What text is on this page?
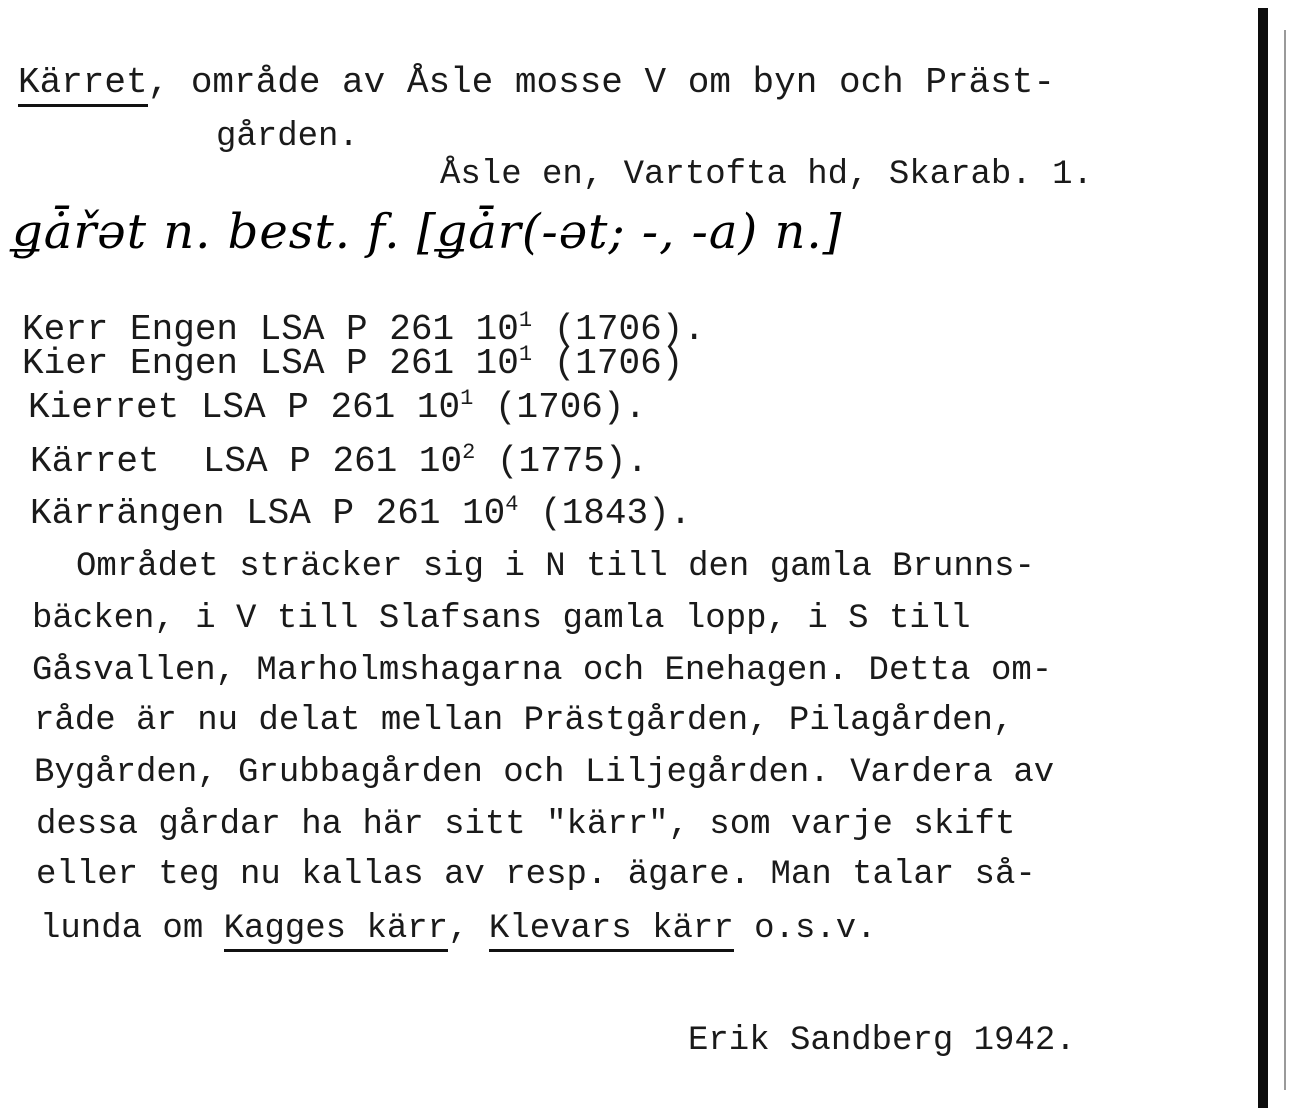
Kärret, område av Åsle mosse V om byn och Präst-

gården.

Åsle en, Vartofta hd, Skarab. 1.

ǥǡřət n. best. f. [ǥǡr(-ət; -, -a) n.]

Kerr Engen LSA P 261 $10^1$ (1706).

Kier Engen LSA P 261 $10^1$ (1706)

Kierret LSA P 261 $10^1$ (1706).

Kärret  LSA P 261 $10^2$ (1775).

Kärrängen LSA P 261 $10^4$ (1843).

Området sträcker sig i N till den gamla Brunns-

bäcken, i V till Slafsans gamla lopp, i S till

Gåsvallen, Marholmshagarna och Enehagen. Detta om-

råde är nu delat mellan Prästgården, Pilagården,

Bygården, Grubbagården och Liljegården. Vardera av

dessa gårdar ha här sitt "kärr", som varje skift

eller teg nu kallas av resp. ägare. Man talar så-

lunda om Kagges kärr, Klevars kärr o.s.v.

Erik Sandberg 1942.
